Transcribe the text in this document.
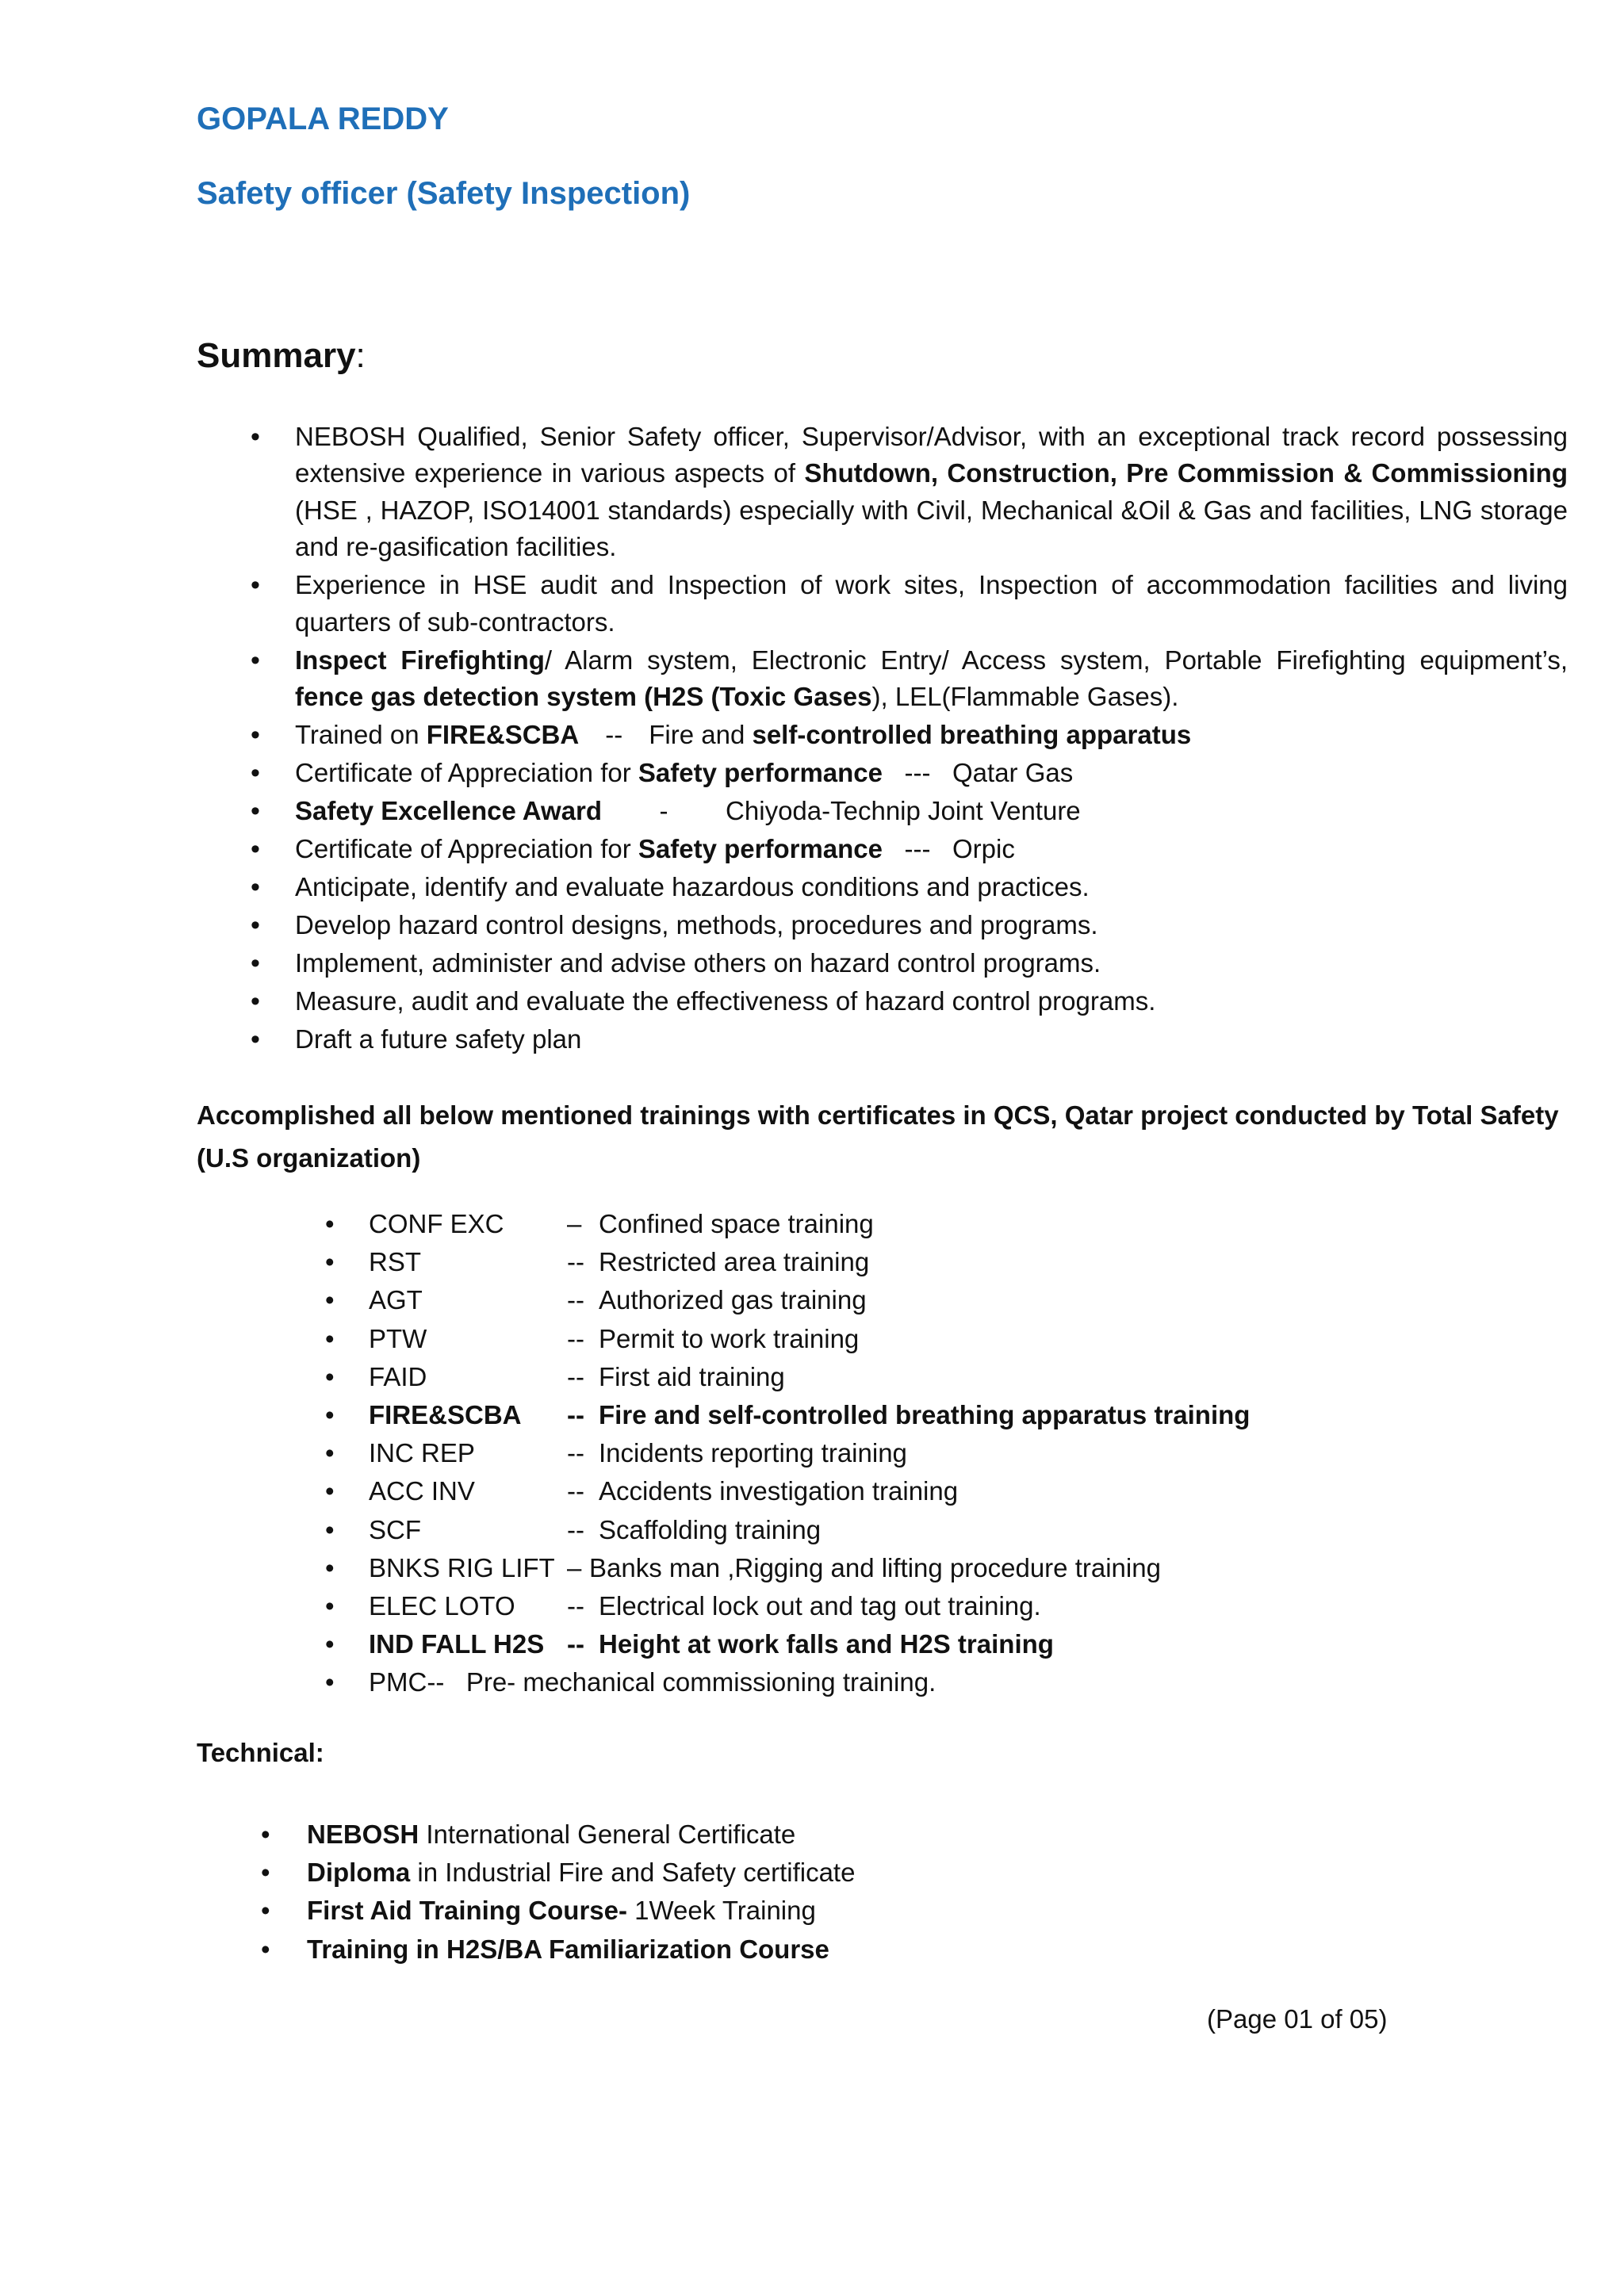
GOPALA REDDY
Safety officer (Safety Inspection)
Summary:
• NEBOSH Qualified, Senior Safety officer, Supervisor/Advisor, with an exceptional track record possessing extensive experience in various aspects of Shutdown, Construction, Pre Commission & Commissioning (HSE , HAZOP, ISO14001 standards) especially with Civil, Mechanical &Oil & Gas and facilities, LNG storage and re-gasification facilities.
• Experience in HSE audit and Inspection of work sites, Inspection of accommodation facilities and living quarters of sub-contractors.
• Inspect Firefighting/ Alarm system, Electronic Entry/ Access system, Portable Firefighting equipment’s, fence gas detection system (H2S (Toxic Gases), LEL(Flammable Gases).
• Trained on FIRE&SCBA -- Fire and self-controlled breathing apparatus
• Certificate of Appreciation for Safety performance --- Qatar Gas
• Safety Excellence Award - Chiyoda-Technip Joint Venture
• Certificate of Appreciation for Safety performance --- Orpic
• Anticipate, identify and evaluate hazardous conditions and practices.
• Develop hazard control designs, methods, procedures and programs.
• Implement, administer and advise others on hazard control programs.
• Measure, audit and evaluate the effectiveness of hazard control programs.
• Draft a future safety plan

Accomplished all below mentioned trainings with certificates in QCS, Qatar project conducted by Total Safety (U.S organization)

• CONF EXC – Confined space training
• RST	-- Restricted area training
• AGT	-- Authorized gas training
• PTW	-- Permit to work training
• FAID	-- First aid training
• FIRE&SCBA -- Fire and self-controlled breathing apparatus training
• INC REP	-- Incidents reporting training
• ACC INV	-- Accidents investigation training
• SCF	-- Scaffolding training
• BNKS RIG LIFT – Banks man ,Rigging and lifting procedure training
• ELEC LOTO -- Electrical lock out and tag out training.
• IND FALL H2S -- Height at work falls and H2S training
• PMC-- Pre- mechanical commissioning training.
Technical:
• NEBOSH International General Certificate
• Diploma in Industrial Fire and Safety certificate
• First Aid Training Course- 1Week Training
• Training in H2S/BA Familiarization Course

(Page 01 of 05)
